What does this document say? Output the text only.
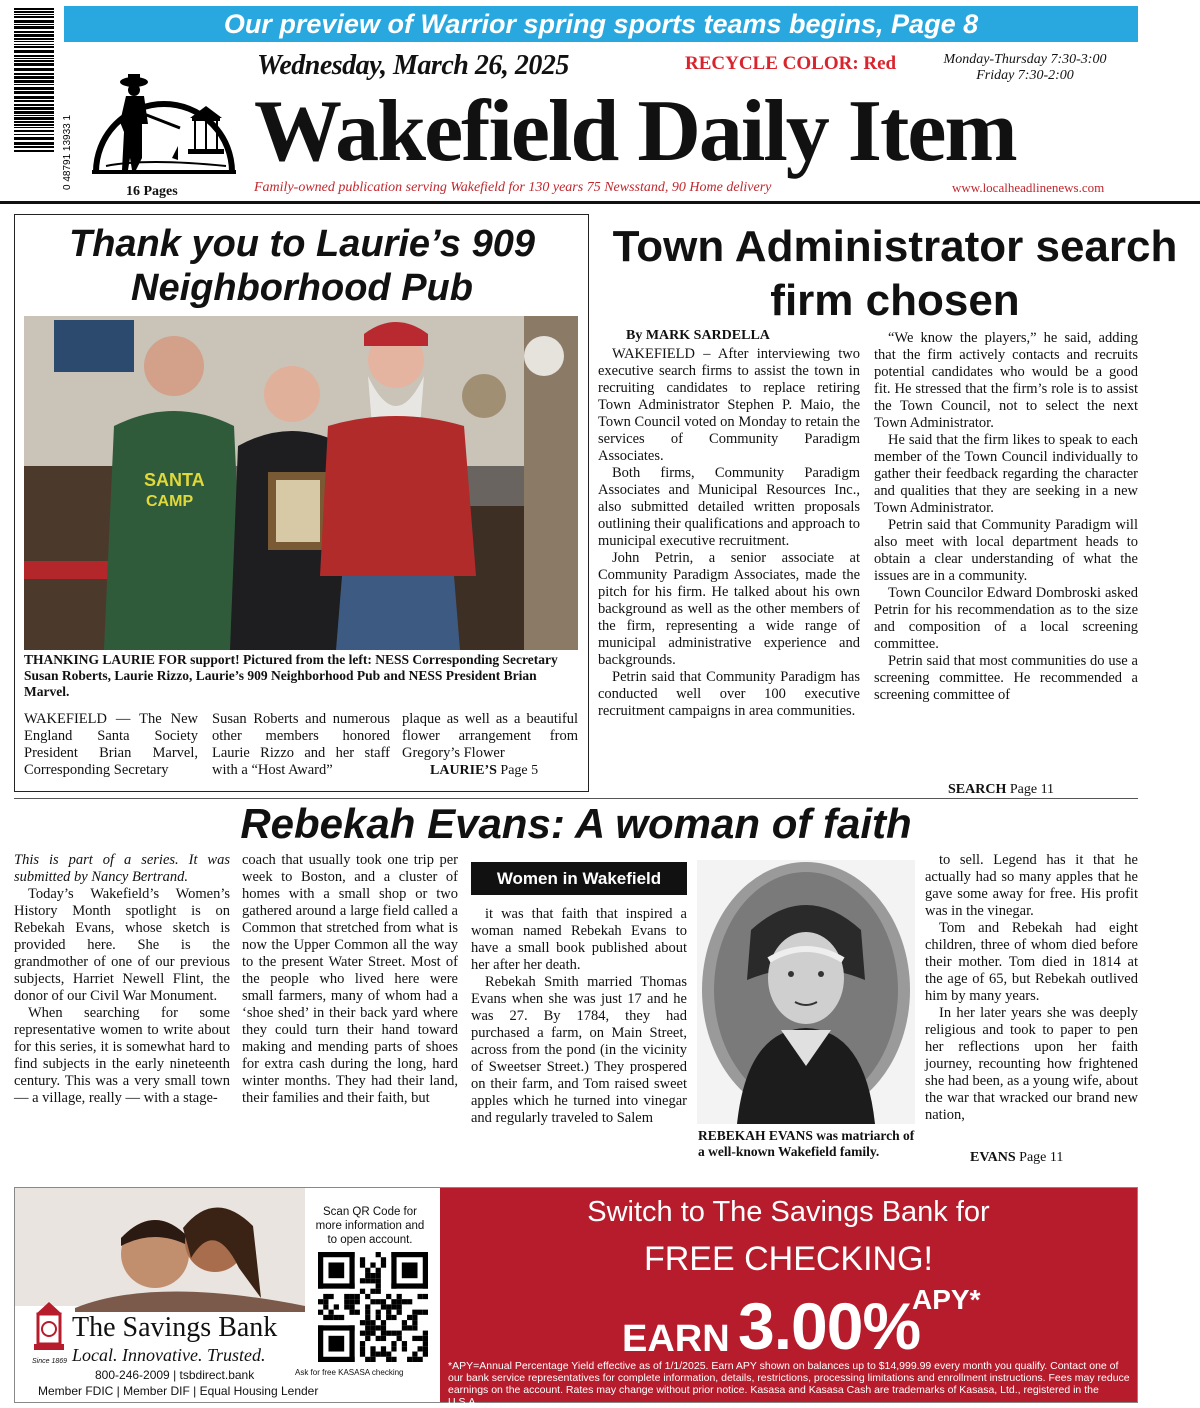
Our preview of Warrior spring sports teams begins, Page 8
0 48791 13933 1
16 Pages
Wednesday, March 26, 2025	RECYCLE COLOR: Red	Monday-Thursday 7:30-3:00
Friday 7:30-2:00
Wakefield Daily Item
Family-owned publication serving Wakefield for 130 years 75 Newsstand, 90 Home delivery	www.localheadlinenews.com
Thank you to Laurie’s 909 Neighborhood Pub
SANTA
CAMP
THANKING LAURIE FOR support! Pictured from the left: NESS Corresponding Secretary Susan Roberts, Laurie Rizzo, Laurie’s 909 Neighborhood Pub and NESS President Brian Marvel.

WAKEFIELD — The New England Santa Society President Brian Marvel, Corresponding Secretary

Susan Roberts and numerous other members honored Laurie Rizzo and her staff with a “Host Award”

plaque as well as a beautiful flower arrangement from Gregory’s Flower

LAURIE’S Page 5
Town Administrator search firm chosen
By MARK SARDELLA

WAKEFIELD – After interviewing two executive search firms to assist the town in recruiting candidates to replace retiring Town Administrator Stephen P. Maio, the Town Council voted on Monday to retain the services of Community Paradigm Associates.

Both firms, Community Paradigm Associates and Municipal Resources Inc., also submitted detailed written proposals outlining their qualifications and approach to municipal executive recruitment.

John Petrin, a senior associate at Community Paradigm Associates, made the pitch for his firm. He talked about his own background as well as the other members of the firm, representing a wide range of municipal administrative experience and backgrounds.

Petrin said that Community Paradigm has conducted well over 100 executive recruitment campaigns in area communities.

“We know the players,” he said, adding that the firm actively contacts and recruits potential candidates who would be a good fit. He stressed that the firm’s role is to assist the Town Council, not to select the next Town Administrator.

He said that the firm likes to speak to each member of the Town Council individually to gather their feedback regarding the character and qualities that they are seeking in a new Town Administrator.

Petrin said that Community Paradigm will also meet with local department heads to obtain a clear understanding of what the issues are in a community.

Town Councilor Edward Dombroski asked Petrin for his recommendation as to the size and composition of a local screening committee.

Petrin said that most communities do use a screening committee. He recommended a screening committee of

SEARCH Page 11
Rebekah Evans: A woman of faith

This is part of a series. It was submitted by Nancy Bertrand.

Today’s Wakefield’s Women’s History Month spotlight is on Rebekah Evans, whose sketch is provided here. She is the grandmother of one of our previous subjects, Harriet Newell Flint, the donor of our Civil War Monument.

When searching for some representative women to write about for this series, it is somewhat hard to find subjects in the early nineteenth century. This was a very small town — a village, really — with a stage-

coach that usually took one trip per week to Boston, and a cluster of homes with a small shop or two gathered around a large field called a Common that stretched from what is now the Upper Common all the way to the present Water Street. Most of the people who lived here were small farmers, many of whom had a ‘shoe shed’ in their back yard where they could turn their hand toward making and mending parts of shoes for extra cash during the long, hard winter months. They had their land, their families and their faith, but

Women in Wakefield

it was that faith that inspired a woman named Rebekah Evans to have a small book published about her after her death.

Rebekah Smith married Thomas Evans when she was just 17 and he was 27. By 1784, they had purchased a farm, on Main Street, across from the pond (in the vicinity of Sweetser Street.) They prospered on their farm, and Tom raised sweet apples which he turned into vinegar and regularly traveled to Salem

REBEKAH EVANS was matriarch of a well-known Wakefield family.

to sell. Legend has it that he actually had so many apples that he gave some away for free. His profit was in the vinegar.

Tom and Rebekah had eight children, three of whom died before their mother. Tom died in 1814 at the age of 65, but Rebekah outlived him by many years.

In her later years she was deeply religious and took to paper to pen her reflections upon her faith journey, recounting how frightened she had been, as a young wife, about the war that wracked our brand new nation,

EVANS Page 11
Switch to The Savings Bank for
FREE CHECKING!
EARN 3.00%
APY*
*APY=Annual Percentage Yield effective as of 1/1/2025. Earn APY shown on balances up to $14,999.99 every month you qualify. Contact one of our bank service representatives for complete information, details, restrictions, processing limitations and enrollment instructions. Fees may reduce earnings on the account. Rates may change without prior notice. Kasasa and Kasasa Cash are trademarks of Kasasa, Ltd., registered in the U.S.A.
Scan QR Code for more information and to open account.
Ask for free KASASA checking
The Savings Bank
Local. Innovative. Trusted.
Since 1869
800-246-2009 | tsbdirect.bank
Member FDIC | Member DIF | Equal Housing Lender
